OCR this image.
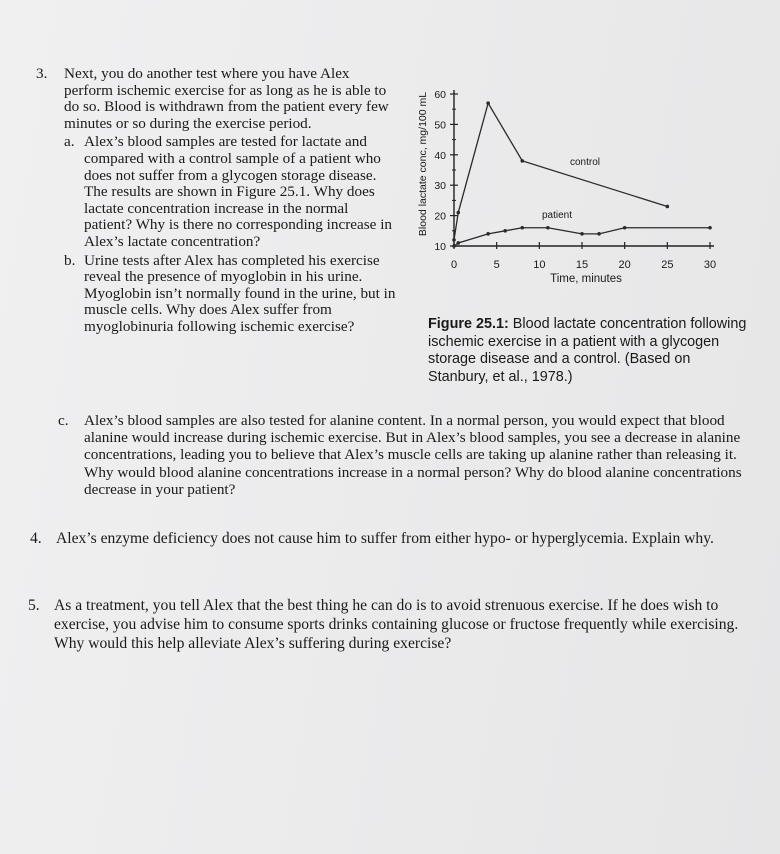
3.	Next, you do another test where you have Alex perform ischemic exercise for as long as he is able to do so. Blood is withdrawn from the patient every few minutes or so during the exercise period.
a. Alex’s blood samples are tested for lactate and compared with a control sample of a patient who does not suffer from a glycogen storage disease. The results are shown in Figure 25.1. Why does lactate concentration increase in the normal patient? Why is there no corresponding increase in Alex’s lactate concentration?
b. Urine tests after Alex has completed his exercise reveal the presence of myoglobin in his urine. Myoglobin isn’t normally found in the urine, but in muscle cells. Why does Alex suffer from myoglobinuria following ischemic exercise?
10
20
30
40
50
60
0	5	10	15	20	25	30
Blood lactate conc, mg/100 mL
Time, minutes
control
patient
Figure 25.1: Blood lactate concentration following ischemic exercise in a patient with a glycogen storage disease and a control. (Based on Stanbury, et al., 1978.)
c.	Alex’s blood samples are also tested for alanine content. In a normal person, you would expect that blood alanine would increase during ischemic exercise. But in Alex’s blood samples, you see a decrease in alanine concentrations, leading you to believe that Alex’s muscle cells are taking up alanine rather than releasing it. Why would blood alanine concentrations increase in a normal person? Why do blood alanine concentrations decrease in your patient?
4. Alex’s enzyme deficiency does not cause him to suffer from either hypo- or hyperglycemia. Explain why.
5. As a treatment, you tell Alex that the best thing he can do is to avoid strenuous exercise. If he does wish to exercise, you advise him to consume sports drinks containing glucose or fructose frequently while exercising. Why would this help alleviate Alex’s suffering during exercise?
